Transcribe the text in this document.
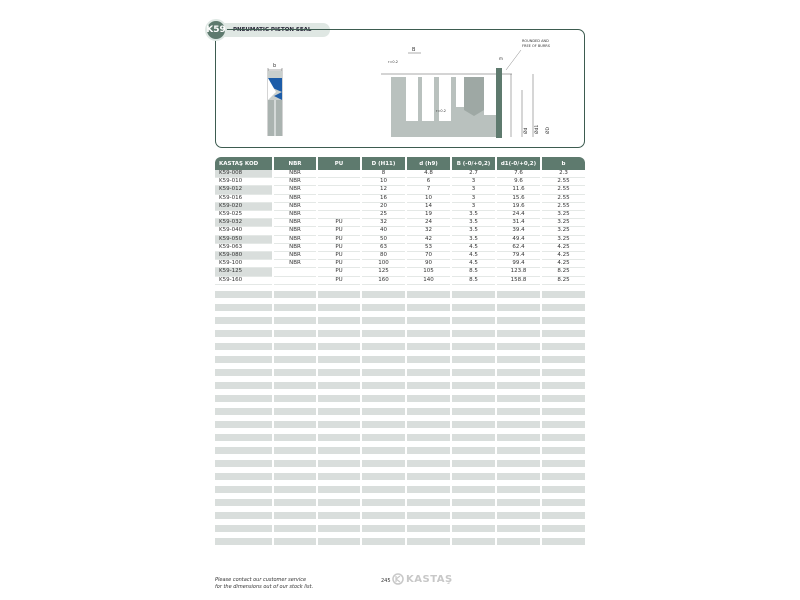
K59 PNEUMATIC PISTON SEAL
b
B
r=0.2
r=0.2
m
ROUNDED AND
FREE OF BURRS
Ød	Ød1	ØD
KASTAŞ KOD	NBR	PU	D (H11)	d (h9)	B (-0/+0,2)	d1(-0/+0,2)	b
K59-008	NBR		8	4.8	2.7	7.6	2.3
K59-010	NBR		10	6	3	9.6	2.55
K59-012	NBR		12	7	3	11.6	2.55
K59-016	NBR		16	10	3	15.6	2.55
K59-020	NBR		20	14	3	19.6	2.55
K59-025	NBR		25	19	3.5	24.4	3.25
K59-032	NBR	PU	32	24	3.5	31.4	3.25
K59-040	NBR	PU	40	32	3.5	39.4	3.25
K59-050	NBR	PU	50	42	3.5	49.4	3.25
K59-063	NBR	PU	63	53	4.5	62.4	4.25
K59-080	NBR	PU	80	70	4.5	79.4	4.25
K59-100	NBR	PU	100	90	4.5	99.4	4.25
K59-125		PU	125	105	8.5	123.8	8.25
K59-160		PU	160	140	8.5	158.8	8.25

Please contact our customer service
for the dimensions out of our stock list.
245 KASTAŞ
